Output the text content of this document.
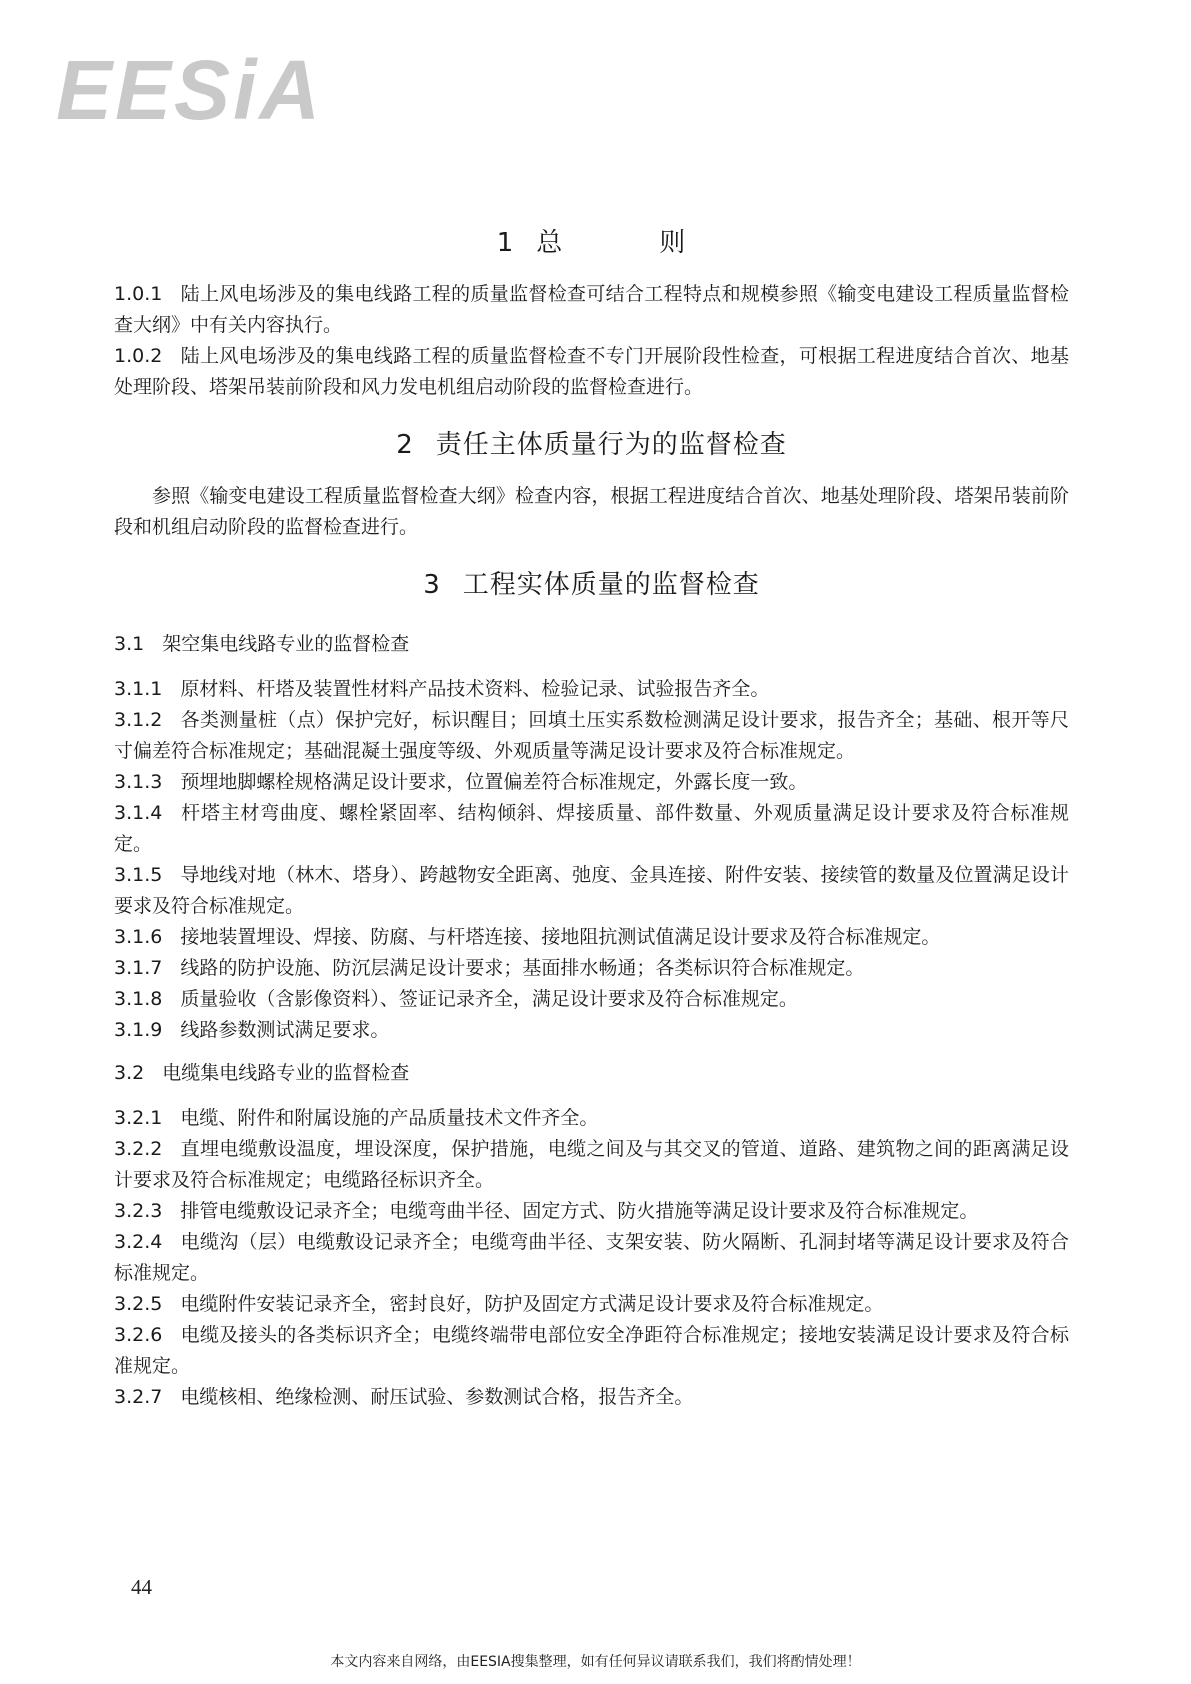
EESiA
1 总	则

1.0.1 陆上风电场涉及的集电线路工程的质量监督检查可结合工程特点和规模参照《输变电建设工程质量监督检查大纲》中有关内容执行。

1.0.2 陆上风电场涉及的集电线路工程的质量监督检查不专门开展阶段性检查，可根据工程进度结合首次、地基处理阶段、塔架吊装前阶段和风力发电机组启动阶段的监督检查进行。

2 责任主体质量行为的监督检查

参照《输变电建设工程质量监督检查大纲》检查内容，根据工程进度结合首次、地基处理阶段、塔架吊装前阶段和机组启动阶段的监督检查进行。

3 工程实体质量的监督检查

3.1 架空集电线路专业的监督检查

3.1.1 原材料、杆塔及装置性材料产品技术资料、检验记录、试验报告齐全。

3.1.2 各类测量桩（点）保护完好，标识醒目；回填土压实系数检测满足设计要求，报告齐全；基础、根开等尺寸偏差符合标准规定；基础混凝土强度等级、外观质量等满足设计要求及符合标准规定。

3.1.3 预埋地脚螺栓规格满足设计要求，位置偏差符合标准规定，外露长度一致。

3.1.4 杆塔主材弯曲度、螺栓紧固率、结构倾斜、焊接质量、部件数量、外观质量满足设计要求及符合标准规定。

3.1.5 导地线对地（林木、塔身）、跨越物安全距离、弛度、金具连接、附件安装、接续管的数量及位置满足设计要求及符合标准规定。

3.1.6 接地装置埋设、焊接、防腐、与杆塔连接、接地阻抗测试值满足设计要求及符合标准规定。

3.1.7 线路的防护设施、防沉层满足设计要求；基面排水畅通；各类标识符合标准规定。

3.1.8 质量验收（含影像资料）、签证记录齐全，满足设计要求及符合标准规定。

3.1.9 线路参数测试满足要求。

3.2 电缆集电线路专业的监督检查

3.2.1 电缆、附件和附属设施的产品质量技术文件齐全。

3.2.2 直埋电缆敷设温度，埋设深度，保护措施，电缆之间及与其交叉的管道、道路、建筑物之间的距离满足设计要求及符合标准规定；电缆路径标识齐全。

3.2.3 排管电缆敷设记录齐全；电缆弯曲半径、固定方式、防火措施等满足设计要求及符合标准规定。

3.2.4 电缆沟（层）电缆敷设记录齐全；电缆弯曲半径、支架安装、防火隔断、孔洞封堵等满足设计要求及符合标准规定。

3.2.5 电缆附件安装记录齐全，密封良好，防护及固定方式满足设计要求及符合标准规定。

3.2.6 电缆及接头的各类标识齐全；电缆终端带电部位安全净距符合标准规定；接地安装满足设计要求及符合标准规定。

3.2.7 电缆核相、绝缘检测、耐压试验、参数测试合格，报告齐全。

44
本文内容来自网络，由EESIA搜集整理，如有任何异议请联系我们，我们将酌情处理！
